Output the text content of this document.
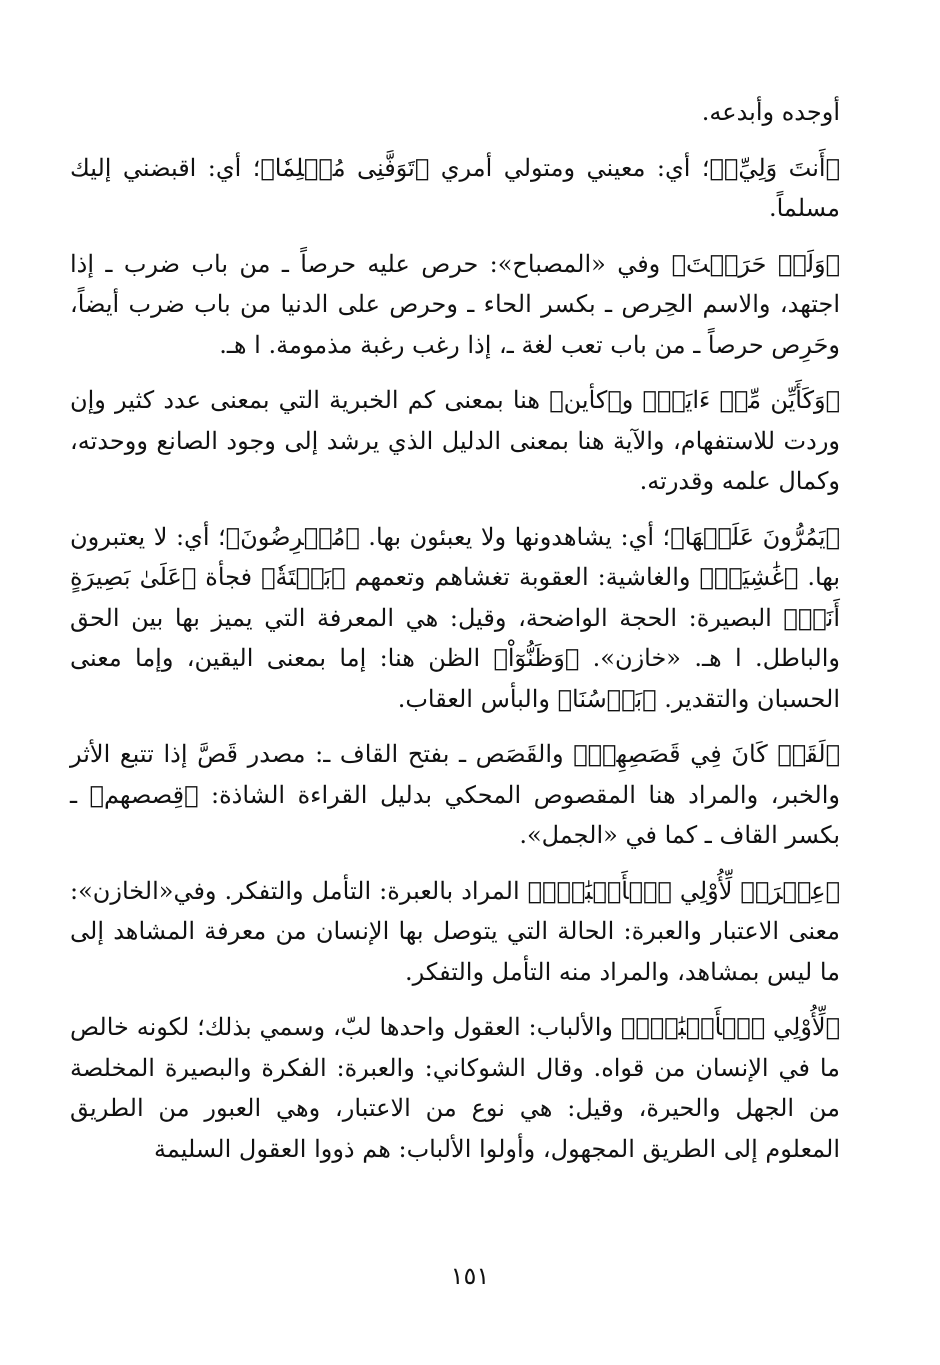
أوجده وأبدعه.

﴿أَنتَ وَلِيِّۦ﴾؛ أي: معيني ومتولي أمري ﴿تَوَفَّنِى مُسۡلِمٗا﴾؛ أي: اقبضني إليك مسلماً.

﴿وَلَوۡ حَرَصۡتَ﴾ وفي «المصباح»: حرص عليه حرصاً ـ من باب ضرب ـ إذا اجتهد، والاسم الحِرص ـ بكسر الحاء ـ وحرص على الدنيا من باب ضرب أيضاً، وحَرِص حرصاً ـ من باب تعب لغة ـ، إذا رغب رغبة مذمومة. ا هـ.

﴿وَكَأَيِّن مِّنۡ ءَايَةٖ﴾ و﴿كأين﴾ هنا بمعنى كم الخبرية التي بمعنى عدد كثير وإن وردت للاستفهام، والآية هنا بمعنى الدليل الذي يرشد إلى وجود الصانع ووحدته، وكمال علمه وقدرته.

﴿يَمُرُّونَ عَلَيۡهَا﴾؛ أي: يشاهدونها ولا يعبئون بها. ﴿مُعۡرِضُونَ﴾؛ أي: لا يعتبرون بها. ﴿غَٰشِيَةٞ﴾ والغاشية: العقوبة تغشاهم وتعمهم ﴿بَغۡتَةٗ﴾ فجأة ﴿عَلَىٰ بَصِيرَةٍ أَنَا۠﴾ البصيرة: الحجة الواضحة، وقيل: هي المعرفة التي يميز بها بين الحق والباطل. ا هـ. «خازن». ﴿وَظَنُّوٓاْ﴾ الظن هنا: إما بمعنى اليقين، وإما معنى الحسبان والتقدير. ﴿بَأۡسُنَا﴾ والبأس العقاب.

﴿لَقَدۡ كَانَ فِي قَصَصِهِمۡ﴾ والقَصَص ـ بفتح القاف ـ: مصدر قَصَّ إذا تتبع الأثر والخبر، والمراد هنا المقصوص المحكي بدليل القراءة الشاذة: ﴿قِصصهم﴾ ـ بكسر القاف ـ كما في «الجمل».

﴿عِبۡرَةٞ لِّأُوْلِي ٱلۡأَلۡبَٰبِۗ﴾ المراد بالعبرة: التأمل والتفكر. وفي«الخازن»: معنى الاعتبار والعبرة: الحالة التي يتوصل بها الإنسان من معرفة المشاهد إلى ما ليس بمشاهد، والمراد منه التأمل والتفكر.

﴿لِّأُوْلِي ٱلۡأَلۡبَٰبِۗ﴾ والألباب: العقول واحدها لبّ، وسمي بذلك؛ لكونه خالص ما في الإنسان من قواه. وقال الشوكاني: والعبرة: الفكرة والبصيرة المخلصة من الجهل والحيرة، وقيل: هي نوع من الاعتبار، وهي العبور من الطريق المعلوم إلى الطريق المجهول، وأولوا الألباب: هم ذووا العقول السليمة

١٥١
